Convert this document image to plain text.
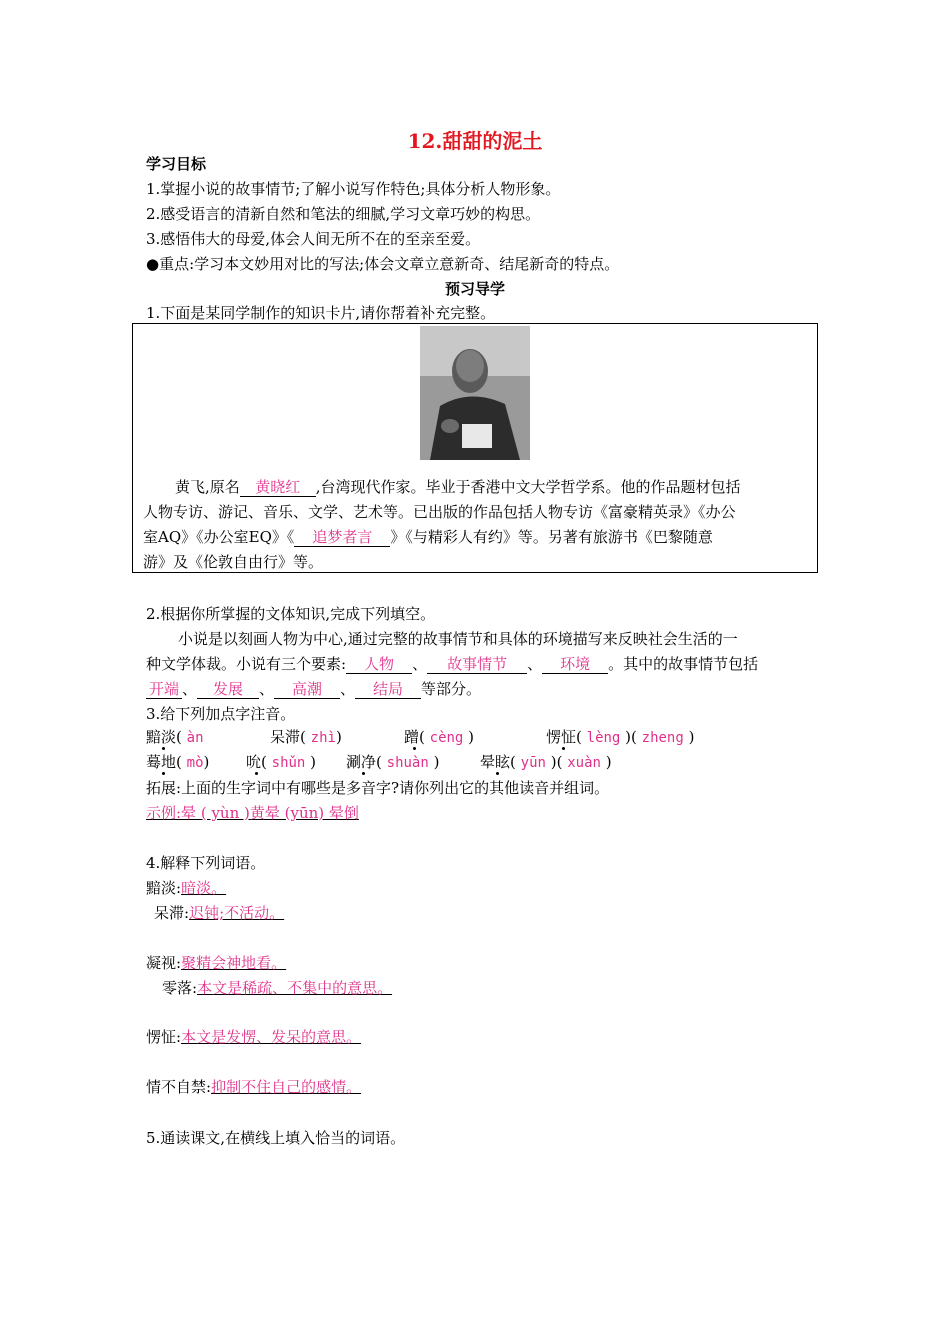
12.甜甜的泥土
学习目标
1.掌握小说的故事情节;了解小说写作特色;具体分析人物形象。
2.感受语言的清新自然和笔法的细腻,学习文章巧妙的构思。
3.感悟伟大的母爱,体会人间无所不在的至亲至爱。
●重点:学习本文妙用对比的写法;体会文章立意新奇、结尾新奇的特点。
预习导学
1.下面是某同学制作的知识卡片,请你帮着补充完整。
黄飞,原名 黄晓红 ,台湾现代作家。毕业于香港中文大学哲学系。他的作品题材包括
人物专访、游记、音乐、文学、艺术等。已出版的作品包括人物专访《富豪精英录》《办公
室AQ》《办公室EQ》《 追梦者言 》《与精彩人有约》等。另著有旅游书《巴黎随意
游》及《伦敦自由行》等。
2.根据你所掌握的文体知识,完成下列填空。
小说是以刻画人物为中心,通过完整的故事情节和具体的环境描写来反映社会生活的一
种文学体裁。小说有三个要素: 人物 、 故事情节 、 环境 。其中的故事情节包括
开端 、 发展 、 高潮 、 结局 等部分。
3.给下列加点字注音。
黯淡( àn	呆滞( zhì)	蹭( cèng )	愣怔( lèng )( zheng )
蓦地( mò) 吮( shǔn ) 涮净( shuàn )	晕眩( yūn )( xuàn )
拓展:上面的生字词中有哪些是多音字?请你列出它的其他读音并组词。
示例:晕 ( yùn )黄晕 (yūn) 晕倒
4.解释下列词语。
黯淡:暗淡。
呆滞:迟钝;不活动。
凝视:聚精会神地看。
零落:本文是稀疏、不集中的意思。
愣怔:本文是发愣、发呆的意思。
情不自禁:抑制不住自己的感情。
5.通读课文,在横线上填入恰当的词语。
